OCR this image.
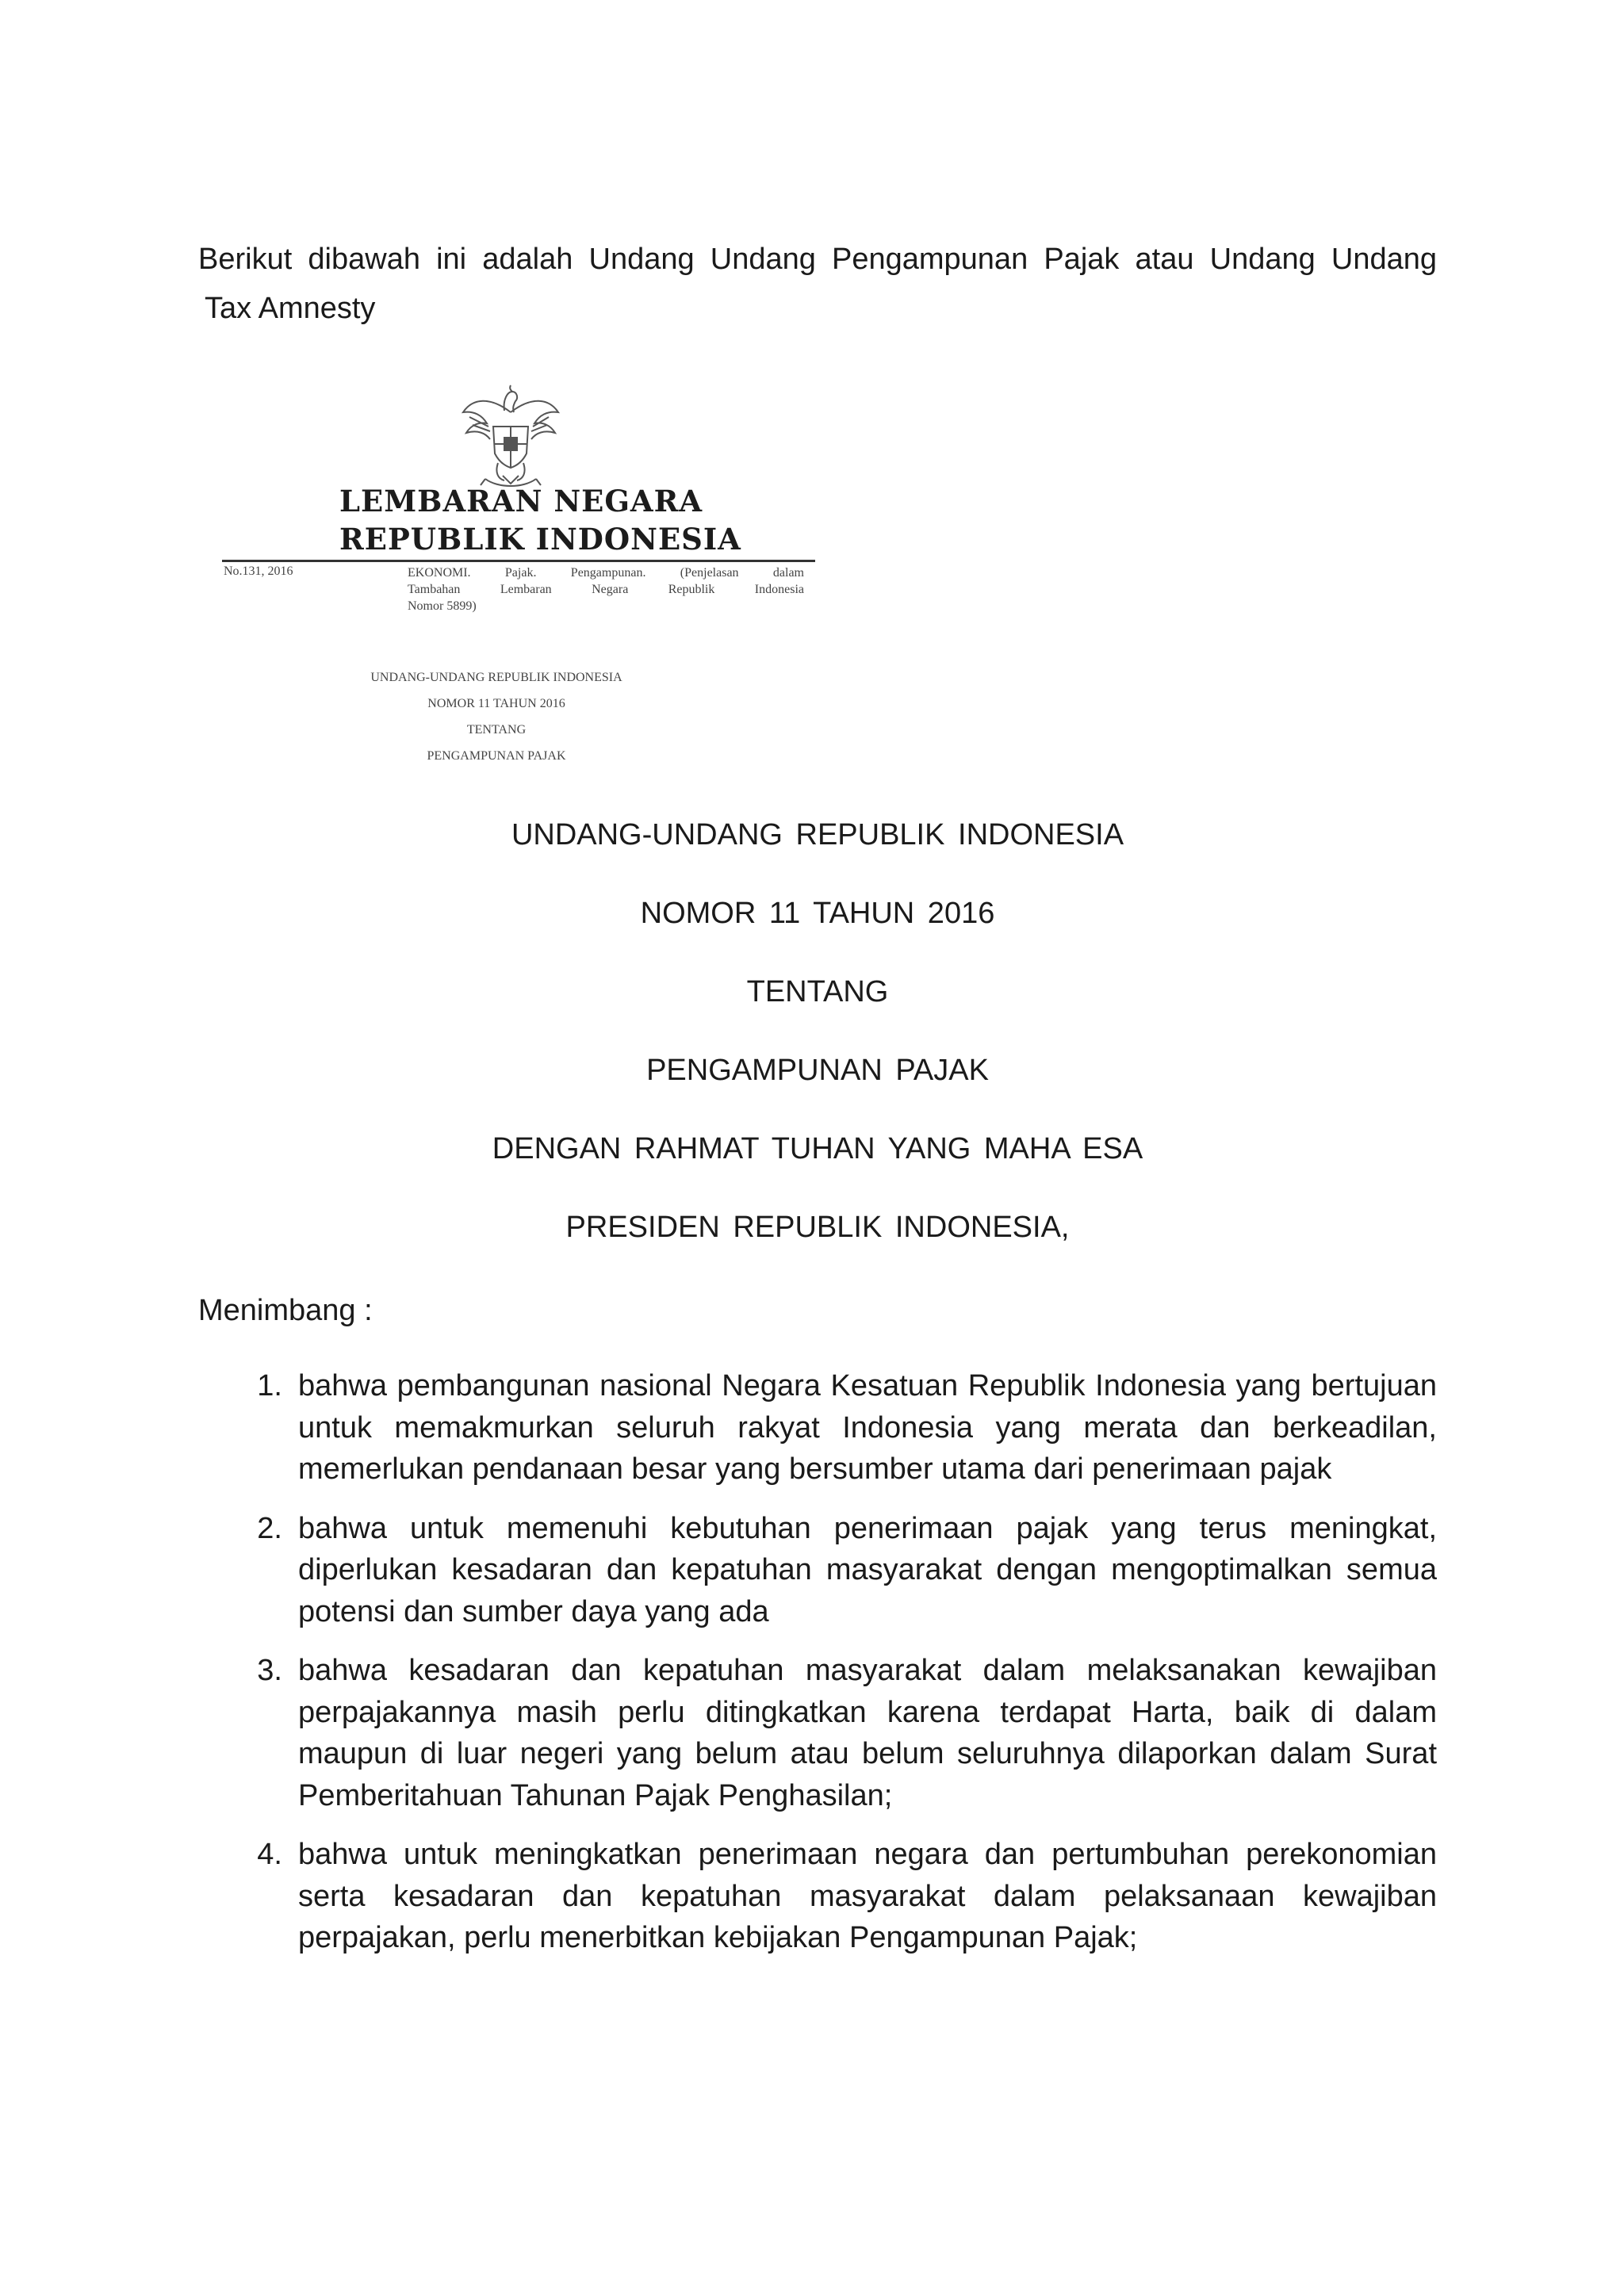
Berikut dibawah ini adalah Undang Undang Pengampunan Pajak atau Undang Undang
Tax Amnesty

LEMBARAN NEGARA
REPUBLIK INDONESIA
No.131, 2016	EKONOMI. Pajak. Pengampunan. (Penjelasan dalam
Tambahan Lembaran Negara Republik Indonesia
Nomor 5899)
UNDANG-UNDANG REPUBLIK INDONESIA
NOMOR 11 TAHUN 2016
TENTANG
PENGAMPUNAN PAJAK
UNDANG-UNDANG REPUBLIK INDONESIA
NOMOR 11 TAHUN 2016
TENTANG
PENGAMPUNAN PAJAK
DENGAN RAHMAT TUHAN YANG MAHA ESA
PRESIDEN REPUBLIK INDONESIA,

Menimbang :

1. bahwa pembangunan nasional Negara Kesatuan Republik Indonesia yang bertujuan untuk memakmurkan seluruh rakyat Indonesia yang merata dan berkeadilan, memerlukan pendanaan besar yang bersumber utama dari penerimaan pajak
2. bahwa untuk memenuhi kebutuhan penerimaan pajak yang terus meningkat, diperlukan kesadaran dan kepatuhan masyarakat dengan mengoptimalkan semua potensi dan sumber daya yang ada
3. bahwa kesadaran dan kepatuhan masyarakat dalam melaksanakan kewajiban perpajakannya masih perlu ditingkatkan karena terdapat Harta, baik di dalam maupun di luar negeri yang belum atau belum seluruhnya dilaporkan dalam Surat Pemberitahuan Tahunan Pajak Penghasilan;
4. bahwa untuk meningkatkan penerimaan negara dan pertumbuhan perekonomian serta kesadaran dan kepatuhan masyarakat dalam pelaksanaan kewajiban perpajakan, perlu menerbitkan kebijakan Pengampunan Pajak;
